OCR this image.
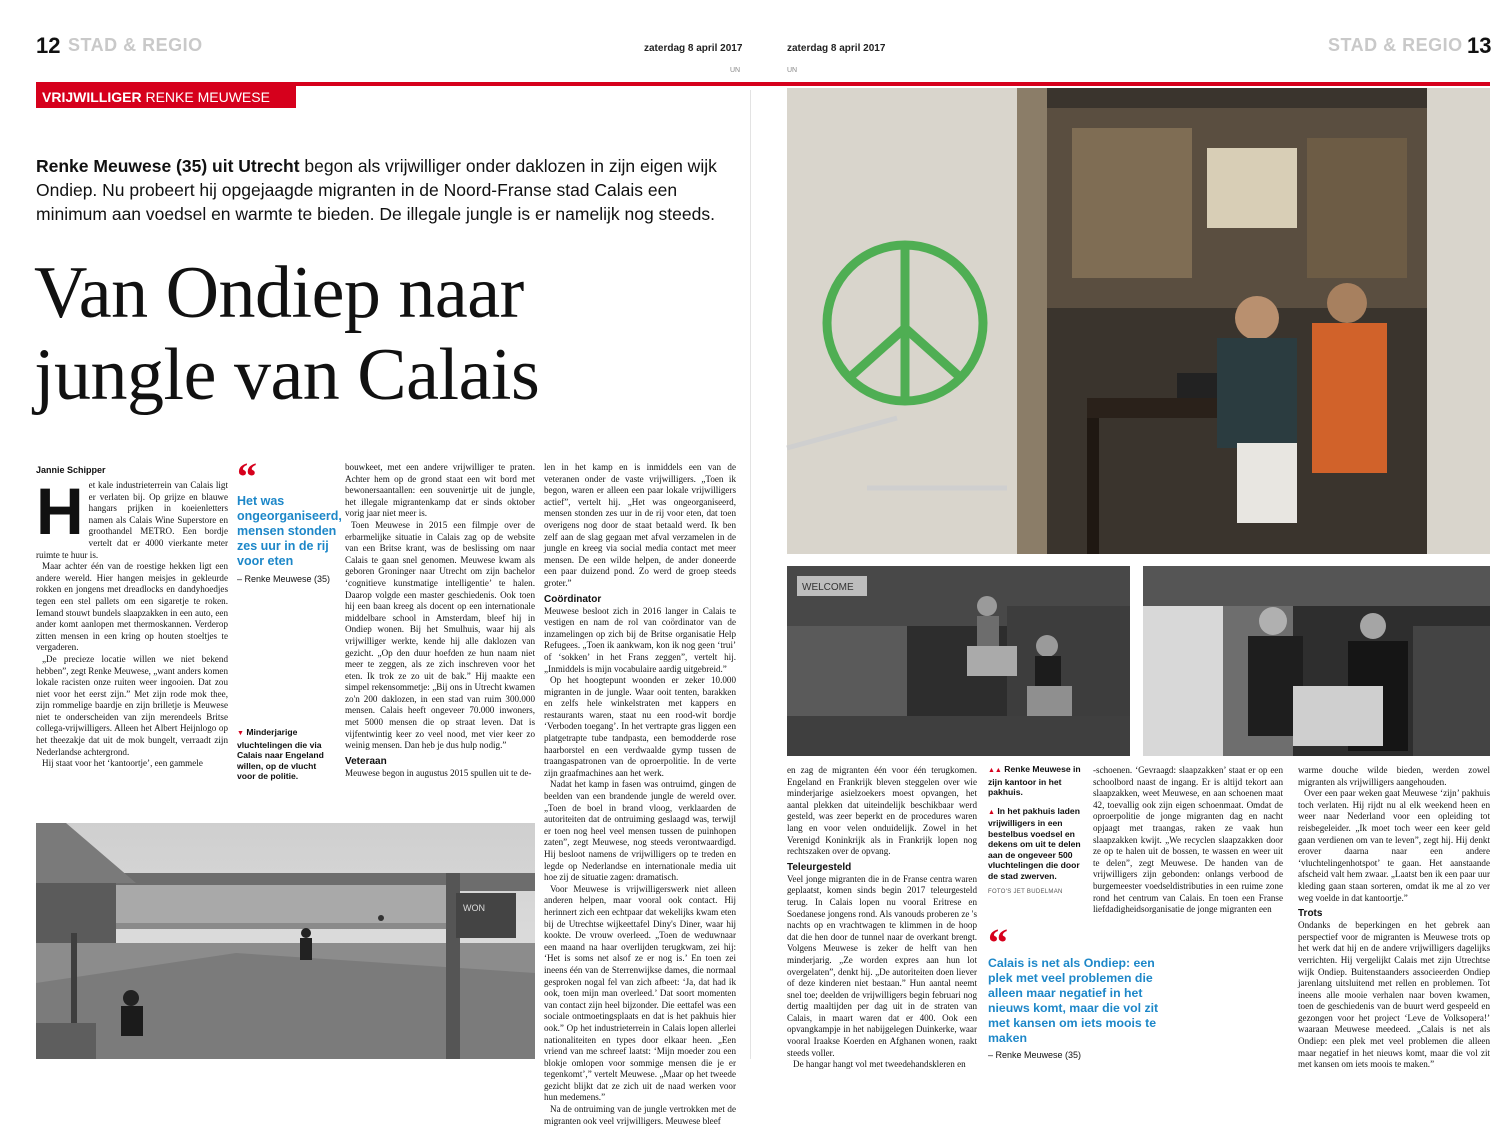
12 STAD & REGIO	zaterdag 8 april 2017
UN
zaterdag 8 april 2017
UN
STAD & REGIO 13
VRIJWILLIGER RENKE MEUWESE
Renke Meuwese (35) uit Utrecht begon als vrijwilliger onder daklozen in zijn eigen wijk Ondiep. Nu probeert hij opgejaagde migranten in de Noord-Franse stad Calais een minimum aan voedsel en warmte te bieden. De illegale jungle is er namelijk nog steeds.
Van Ondiep naar
jungle van Calais
Jannie Schipper
H et kale industrieterrein van Calais ligt er verlaten bij. Op grijze en blauwe hangars prijken in koeienletters namen als Calais Wine Superstore en groothandel METRO. Een bordje vertelt dat er 4000 vierkante meter ruimte te huur is.

Maar achter één van de roestige hekken ligt een andere wereld. Hier hangen meisjes in gekleurde rokken en jongens met dreadlocks en dandyhoedjes tegen een stel pallets om een sigaretje te roken. Iemand stouwt bundels slaapzakken in een auto, een ander komt aanlopen met thermoskannen. Verderop zitten mensen in een kring op houten stoeltjes te vergaderen.

„De precieze locatie willen we niet bekend hebben”, zegt Renke Meuwese, „want anders komen lokale racisten onze ruiten weer ingooien. Dat zou niet voor het eerst zijn.” Met zijn rode mok thee, zijn rommelige baardje en zijn brilletje is Meuwese niet te onderscheiden van zijn merendeels Britse collega-vrijwilligers. Alleen het Albert Heijnlogo op het theezakje dat uit de mok bungelt, verraadt zijn Nederlandse achtergrond.

Hij staat voor het ‘kantoortje’, een gammele

“
Het was ongeorganiseerd, mensen stonden zes uur in de rij voor eten
– Renke Meuwese (35)
▼ Minderjarige vluchtelingen die via Calais naar Engeland willen, op de vlucht voor de politie.

bouwkeet, met een andere vrijwilliger te praten. Achter hem op de grond staat een wit bord met bewonersaantallen: een souvenirtje uit de jungle, het illegale migrantenkamp dat er sinds oktober vorig jaar niet meer is.

Toen Meuwese in 2015 een filmpje over de erbarmelijke situatie in Calais zag op de website van een Britse krant, was de beslissing om naar Calais te gaan snel genomen. Meuwese kwam als geboren Groninger naar Utrecht om zijn bachelor ‘cognitieve kunstmatige intelligentie’ te halen. Daarop volgde een master geschiedenis. Ook toen hij een baan kreeg als docent op een internationale middelbare school in Amsterdam, bleef hij in Ondiep wonen. Bij het Smulhuis, waar hij als vrijwilliger werkte, kende hij alle daklozen van gezicht. „Op den duur hoefden ze hun naam niet meer te zeggen, als ze zich inschreven voor het eten. Ik trok ze zo uit de bak.” Hij maakte een simpel rekensommetje: „Bij ons in Utrecht kwamen zo'n 200 daklozen, in een stad van ruim 300.000 mensen. Calais heeft ongeveer 70.000 inwoners, met 5000 mensen die op straat leven. Dat is vijfentwintig keer zo veel nood, met vier keer zo weinig mensen. Dan heb je dus hulp nodig.”

Veteraan

Meuwese begon in augustus 2015 spullen uit te de-

len in het kamp en is inmiddels een van de veteranen onder de vaste vrijwilligers. „Toen ik begon, waren er alleen een paar lokale vrijwilligers actief”, vertelt hij. „Het was ongeorganiseerd, mensen stonden zes uur in de rij voor eten, dat toen overigens nog door de staat betaald werd. Ik ben zelf aan de slag gegaan met afval verzamelen in de jungle en kreeg via social media contact met meer mensen. De een wilde helpen, de ander doneerde een paar duizend pond. Zo werd de groep steeds groter.”

Coördinator

Meuwese besloot zich in 2016 langer in Calais te vestigen en nam de rol van coördinator van de inzamelingen op zich bij de Britse organisatie Help Refugees. „Toen ik aankwam, kon ik nog geen ‘trui’ of ‘sokken’ in het Frans zeggen”, vertelt hij. „Inmiddels is mijn vocabulaire aardig uitgebreid.”

Op het hoogtepunt woonden er zeker 10.000 migranten in de jungle. Waar ooit tenten, barakken en zelfs hele winkelstraten met kappers en restaurants waren, staat nu een rood-wit bordje ‘Verboden toegang’. In het vertrapte gras liggen een platgetrapte tube tandpasta, een bemodderde rose haarborstel en een verdwaalde gymp tussen de traangaspatronen van de oproerpolitie. In de verte zijn graafmachines aan het werk.

Nadat het kamp in fasen was ontruimd, gingen de beelden van een brandende jungle de wereld over. „Toen de boel in brand vloog, verklaarden de autoriteiten dat de ontruiming geslaagd was, terwijl er toen nog heel veel mensen tussen de puinhopen zaten”, zegt Meuwese, nog steeds verontwaardigd. Hij besloot namens de vrijwilligers op te treden en legde op Nederlandse en internationale media uit hoe zij de situatie zagen: dramatisch.

Voor Meuwese is vrijwilligerswerk niet alleen anderen helpen, maar vooral ook contact. Hij herinnert zich een echtpaar dat wekelijks kwam eten bij de Utrechtse wijkeettafel Diny's Diner, waar hij kookte. De vrouw overleed. „Toen de weduwnaar een maand na haar overlijden terugkwam, zei hij: ‘Het is soms net alsof ze er nog is.’ En toen zei ineens één van de Sterrenwijkse dames, die normaal gesproken nogal fel van zich afbeet: ‘Ja, dat had ik ook, toen mijn man overleed.’ Dat soort momenten van contact zijn heel bijzonder. Die eettafel was een sociale ontmoetingsplaats en dat is het pakhuis hier ook.” Op het industrieterrein in Calais lopen allerlei nationaliteiten en types door elkaar heen. „Een vriend van me schreef laatst: ‘Mijn moeder zou een blokje omlopen voor sommige mensen die je er tegenkomt’,” vertelt Meuwese. „Maar op het tweede gezicht blijkt dat ze zich uit de naad werken voor hun medemens.”

Na de ontruiming van de jungle vertrokken met de migranten ook veel vrijwilligers. Meuwese bleef

WON
WELCOME

en zag de migranten één voor één terugkomen. Engeland en Frankrijk bleven steggelen over wie minderjarige asielzoekers moest opvangen, het aantal plekken dat uiteindelijk beschikbaar werd gesteld, was zeer beperkt en de procedures waren lang en voor velen onduidelijk. Zowel in het Verenigd Koninkrijk als in Frankrijk lopen nog rechtszaken over de opvang.

Teleurgesteld

Veel jonge migranten die in de Franse centra waren geplaatst, komen sinds begin 2017 teleurgesteld terug. In Calais lopen nu vooral Eritrese en Soedanese jongens rond. Als vanouds proberen ze 's nachts op en vrachtwagen te klimmen in de hoop dat die hen door de tunnel naar de overkant brengt. Volgens Meuwese is zeker de helft van hen minderjarig. „Ze worden expres aan hun lot overgelaten”, denkt hij. „De autoriteiten doen liever of deze kinderen niet bestaan.” Hun aantal neemt snel toe; deelden de vrijwilligers begin februari nog dertig maaltijden per dag uit in de straten van Calais, in maart waren dat er 400. Ook een opvangkampje in het nabijgelegen Duinkerke, waar vooral Iraakse Koerden en Afghanen wonen, raakt steeds voller.

De hangar hangt vol met tweedehandskleren en

▲▲ Renke Meuwese in zijn kantoor in het pakhuis.
▲ In het pakhuis laden vrijwilligers in een bestelbus voedsel en dekens om uit te delen aan de ongeveer 500 vluchtelingen die door de stad zwerven.
FOTO'S JET BUDELMAN
“
Calais is net als Ondiep: een plek met veel problemen die alleen maar negatief in het nieuws komt, maar die vol zit met kansen om iets moois te maken
– Renke Meuwese (35)

-schoenen. ‘Gevraagd: slaapzakken’ staat er op een schoolbord naast de ingang. Er is altijd tekort aan slaapzakken, weet Meuwese, en aan schoenen maat 42, toevallig ook zijn eigen schoenmaat. Omdat de oproerpolitie de jonge migranten dag en nacht opjaagt met traangas, raken ze vaak hun slaapzakken kwijt. „We recyclen slaapzakken door ze op te halen uit de bossen, te wassen en weer uit te delen”, zegt Meuwese. De handen van de vrijwilligers zijn gebonden: onlangs verbood de burgemeester voedseldistributies in een ruime zone rond het centrum van Calais. En toen een Franse liefdadigheidsorganisatie de jonge migranten een

warme douche wilde bieden, werden zowel migranten als vrijwilligers aangehouden.

Over een paar weken gaat Meuwese ‘zijn’ pakhuis toch verlaten. Hij rijdt nu al elk weekend heen en weer naar Nederland voor een opleiding tot reisbegeleider. „Ik moet toch weer een keer geld gaan verdienen om van te leven”, zegt hij. Hij denkt erover daarna naar een andere ‘vluchtelingenhotspot’ te gaan. Het aanstaande afscheid valt hem zwaar. „Laatst ben ik een paar uur kleding gaan staan sorteren, omdat ik me al zo ver weg voelde in dat kantoortje.”

Trots

Ondanks de beperkingen en het gebrek aan perspectief voor de migranten is Meuwese trots op het werk dat hij en de andere vrijwilligers dagelijks verrichten. Hij vergelijkt Calais met zijn Utrechtse wijk Ondiep. Buitenstaanders associeerden Ondiep jarenlang uitsluitend met rellen en problemen. Tot ineens alle mooie verhalen naar boven kwamen, toen de geschiedenis van de buurt werd gespeeld en gezongen voor het project ‘Leve de Volksopera!’ waaraan Meuwese meedeed. „Calais is net als Ondiep: een plek met veel problemen die alleen maar negatief in het nieuws komt, maar die vol zit met kansen om iets moois te maken.”
